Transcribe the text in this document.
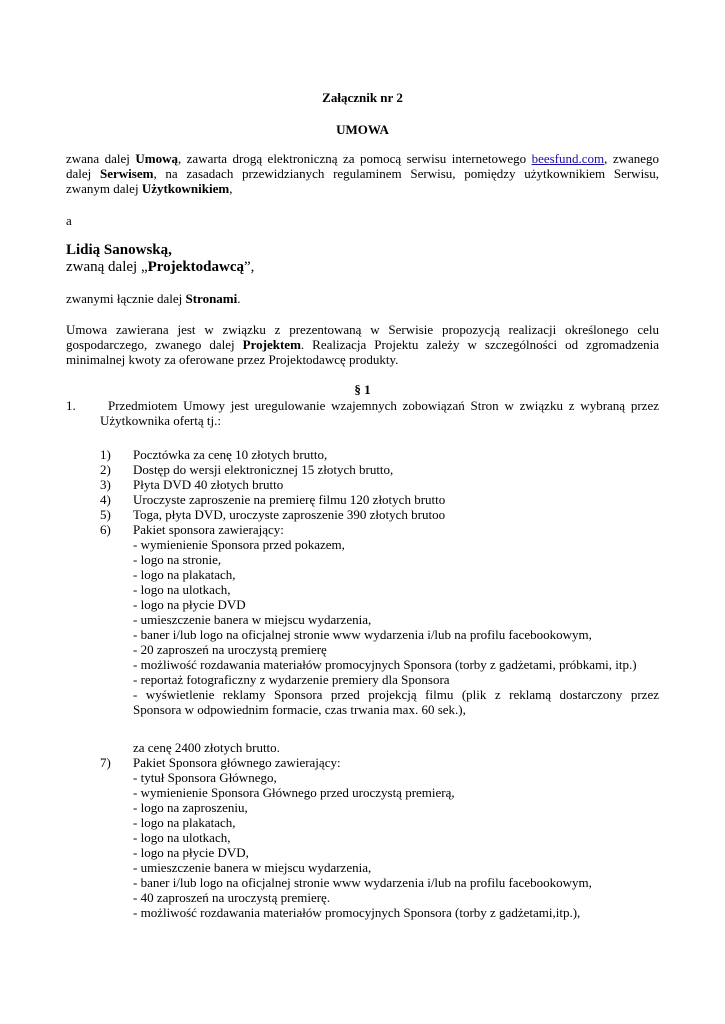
Załącznik nr 2
UMOWA
zwana dalej Umową, zawarta drogą elektroniczną za pomocą serwisu internetowego beesfund.com, zwanego
dalej Serwisem, na zasadach przewidzianych regulaminem Serwisu, pomiędzy użytkownikiem Serwisu,
zwanym dalej Użytkownikiem,
a
Lidią Sanowską,
zwaną dalej „Projektodawcą”,
zwanymi łącznie dalej Stronami.
Umowa zawierana jest w związku z prezentowaną w Serwisie propozycją realizacji określonego celu
gospodarczego, zwanego dalej Projektem. Realizacja Projektu zależy w szczególności od zgromadzenia
minimalnej kwoty za oferowane przez Projektodawcę produkty.
§ 1
1. Przedmiotem Umowy jest uregulowanie wzajemnych zobowiązań Stron w związku z wybraną przez
Użytkownika ofertą tj.:
1) Pocztówka za cenę 10 złotych brutto,
2) Dostęp do wersji elektronicznej 15 złotych brutto,
3) Płyta DVD 40 złotych brutto
4) Uroczyste zaproszenie na premierę filmu 120 złotych brutto
5) Toga, płyta DVD, uroczyste zaproszenie 390 złotych brutoo
6) Pakiet sponsora zawierający:
- wymienienie Sponsora przed pokazem,
- logo na stronie,
- logo na plakatach,
- logo na ulotkach,
- logo na płycie DVD
- umieszczenie banera w miejscu wydarzenia,
- baner i/lub logo na oficjalnej stronie www wydarzenia i/lub na profilu facebookowym,
- 20 zaproszeń na uroczystą premierę
- możliwość rozdawania materiałów promocyjnych Sponsora (torby z gadżetami, próbkami, itp.)
- reportaż fotograficzny z wydarzenie premiery dla Sponsora
- wyświetlenie reklamy Sponsora przed projekcją filmu (plik z reklamą dostarczony przez
Sponsora w odpowiednim formacie, czas trwania max. 60 sek.),
za cenę 2400 złotych brutto.
7) Pakiet Sponsora głównego zawierający:
- tytuł Sponsora Głównego,
- wymienienie Sponsora Głównego przed uroczystą premierą,
- logo na zaproszeniu,
- logo na plakatach,
- logo na ulotkach,
- logo na płycie DVD,
- umieszczenie banera w miejscu wydarzenia,
- baner i/lub logo na oficjalnej stronie www wydarzenia i/lub na profilu facebookowym,
- 40 zaproszeń na uroczystą premierę.
- możliwość rozdawania materiałów promocyjnych Sponsora (torby z gadżetami,itp.),
